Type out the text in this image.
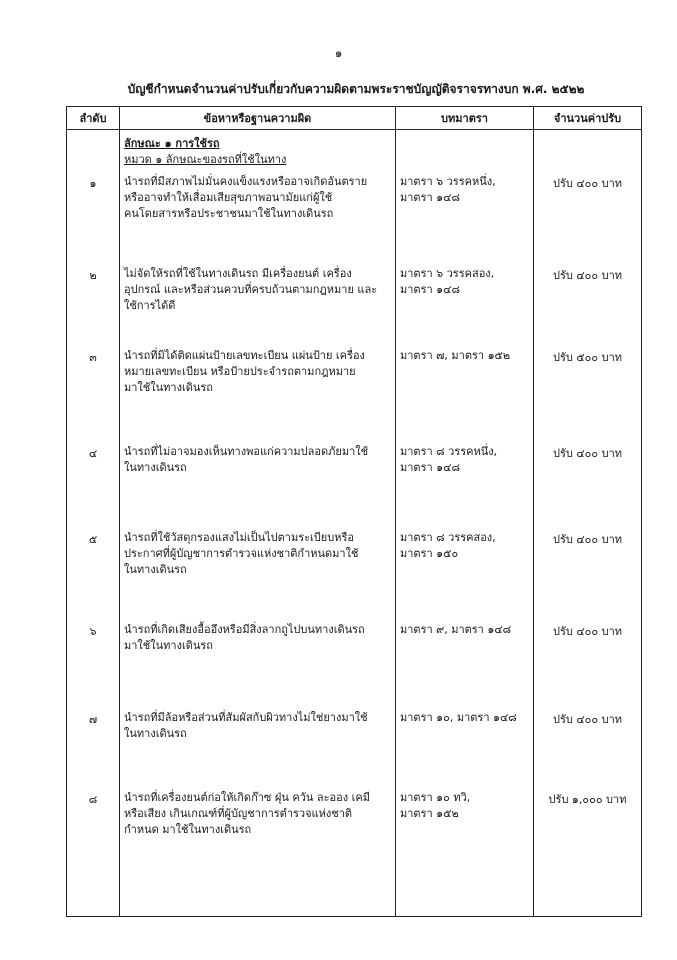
๑
บัญชีกำหนดจำนวนค่าปรับเกี่ยวกับความผิดตามพระราชบัญญัติจราจรทางบก พ.ศ. ๒๕๒๒
ลำดับ	ข้อหาหรือฐานความผิด	บทมาตรา	จำนวนค่าปรับ

	ลักษณะ ๑ การใช้รถ
หมวด ๑ ลักษณะของรถที่ใช้ในทาง		

๑	นำรถที่มีสภาพไม่มั่นคงแข็งแรงหรืออาจเกิดอันตราย
หรืออาจทำให้เสื่อมเสียสุขภาพอนามัยแก่ผู้ใช้
คนโดยสารหรือประชาชนมาใช้ในทางเดินรถ	มาตรา ๖ วรรคหนึ่ง,
มาตรา ๑๔๘	ปรับ ๔๐๐ บาท
๒	ไม่จัดให้รถที่ใช้ในทางเดินรถ มีเครื่องยนต์ เครื่อง
อุปกรณ์ และหรือส่วนควบที่ครบถ้วนตามกฎหมาย และ
ใช้การได้ดี	มาตรา ๖ วรรคสอง,
มาตรา ๑๔๘	ปรับ ๔๐๐ บาท
๓	นำรถที่มิได้ติดแผ่นป้ายเลขทะเบียน แผ่นป้าย เครื่อง
หมายเลขทะเบียน หรือป้ายประจำรถตามกฎหมาย
มาใช้ในทางเดินรถ	มาตรา ๗, มาตรา ๑๕๒	ปรับ ๕๐๐ บาท
๔	นำรถที่ไม่อาจมองเห็นทางพอแก่ความปลอดภัยมาใช้
ในทางเดินรถ	มาตรา ๘ วรรคหนึ่ง,
มาตรา ๑๔๘	ปรับ ๔๐๐ บาท
๕	นำรถที่ใช้วัสดุกรองแสงไม่เป็นไปตามระเบียบหรือ
ประกาศที่ผู้บัญชาการตำรวจแห่งชาติกำหนดมาใช้
ในทางเดินรถ	มาตรา ๘ วรรคสอง,
มาตรา ๑๕๐	ปรับ ๔๐๐ บาท
๖	นำรถที่เกิดเสียงอื้ออึงหรือมีสิ่งลากถูไปบนทางเดินรถ
มาใช้ในทางเดินรถ	มาตรา ๙, มาตรา ๑๔๘	ปรับ ๔๐๐ บาท
๗	นำรถที่มีล้อหรือส่วนที่สัมผัสกับผิวทางไม่ใช่ยางมาใช้
ในทางเดินรถ	มาตรา ๑๐, มาตรา ๑๔๘	ปรับ ๔๐๐ บาท
๘	นำรถที่เครื่องยนต์ก่อให้เกิดก๊าซ ฝุ่น ควัน ละออง เคมี
หรือเสียง เกินเกณฑ์ที่ผู้บัญชาการตำรวจแห่งชาติ
กำหนด มาใช้ในทางเดินรถ	มาตรา ๑๐ ทวิ,
มาตรา ๑๕๒	ปรับ ๑,๐๐๐ บาท
